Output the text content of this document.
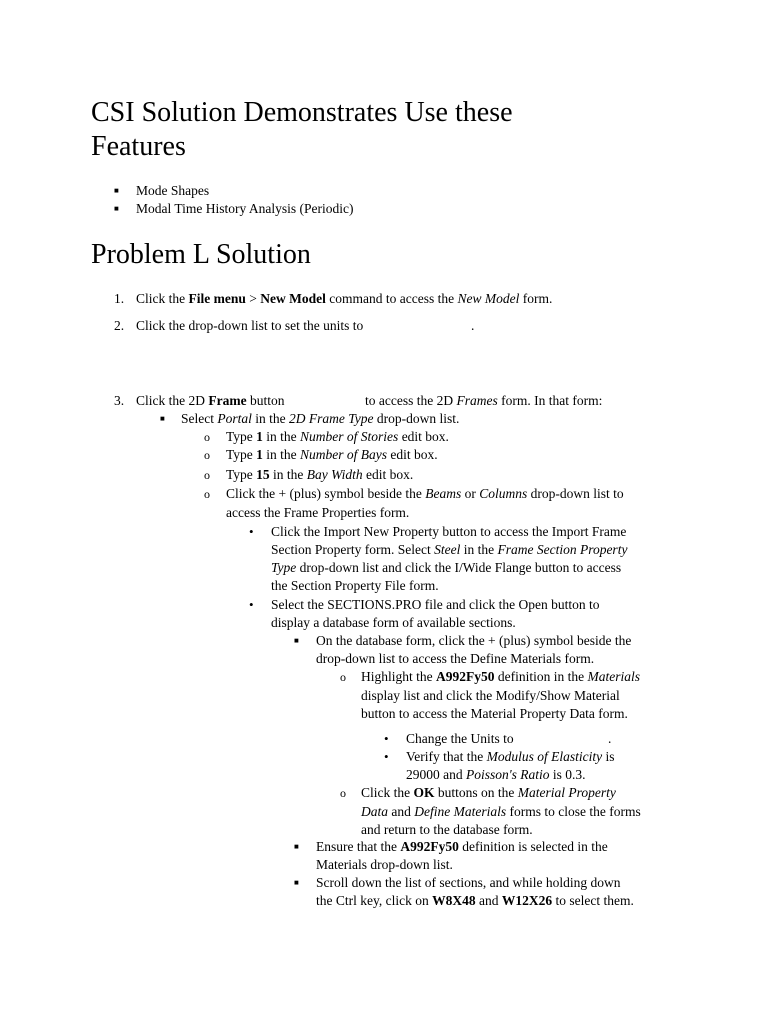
CSI Solution Demonstrates Use these
Features
■ Mode Shapes
■ Modal Time History Analysis (Periodic)
Problem L Solution
1. Click the File menu > New Model command to access the New Model form.
2. Click the drop-down list to set the units to	.
3. Click the 2D Frame button	to access the 2D Frames form. In that form:
■ Select Portal in the 2D Frame Type drop-down list.
o Type 1 in the Number of Stories edit box.
o Type 1 in the Number of Bays edit box.
o Type 15 in the Bay Width edit box.
o Click the + (plus) symbol beside the Beams or Columns drop-down list to
access the Frame Properties form.
• Click the Import New Property button to access the Import Frame
Section Property form. Select Steel in the Frame Section Property
Type drop-down list and click the I/Wide Flange button to access
the Section Property File form.
• Select the SECTIONS.PRO file and click the Open button to
display a database form of available sections.
■ On the database form, click the + (plus) symbol beside the
drop-down list to access the Define Materials form.
o Highlight the A992Fy50 definition in the Materials
display list and click the Modify/Show Material
button to access the Material Property Data form.
• Change the Units to	.
• Verify that the Modulus of Elasticity is
29000 and Poisson's Ratio is 0.3.
o Click the OK buttons on the Material Property
Data and Define Materials forms to close the forms
and return to the database form.
■ Ensure that the A992Fy50 definition is selected in the
Materials drop-down list.
■ Scroll down the list of sections, and while holding down
the Ctrl key, click on W8X48 and W12X26 to select them.
